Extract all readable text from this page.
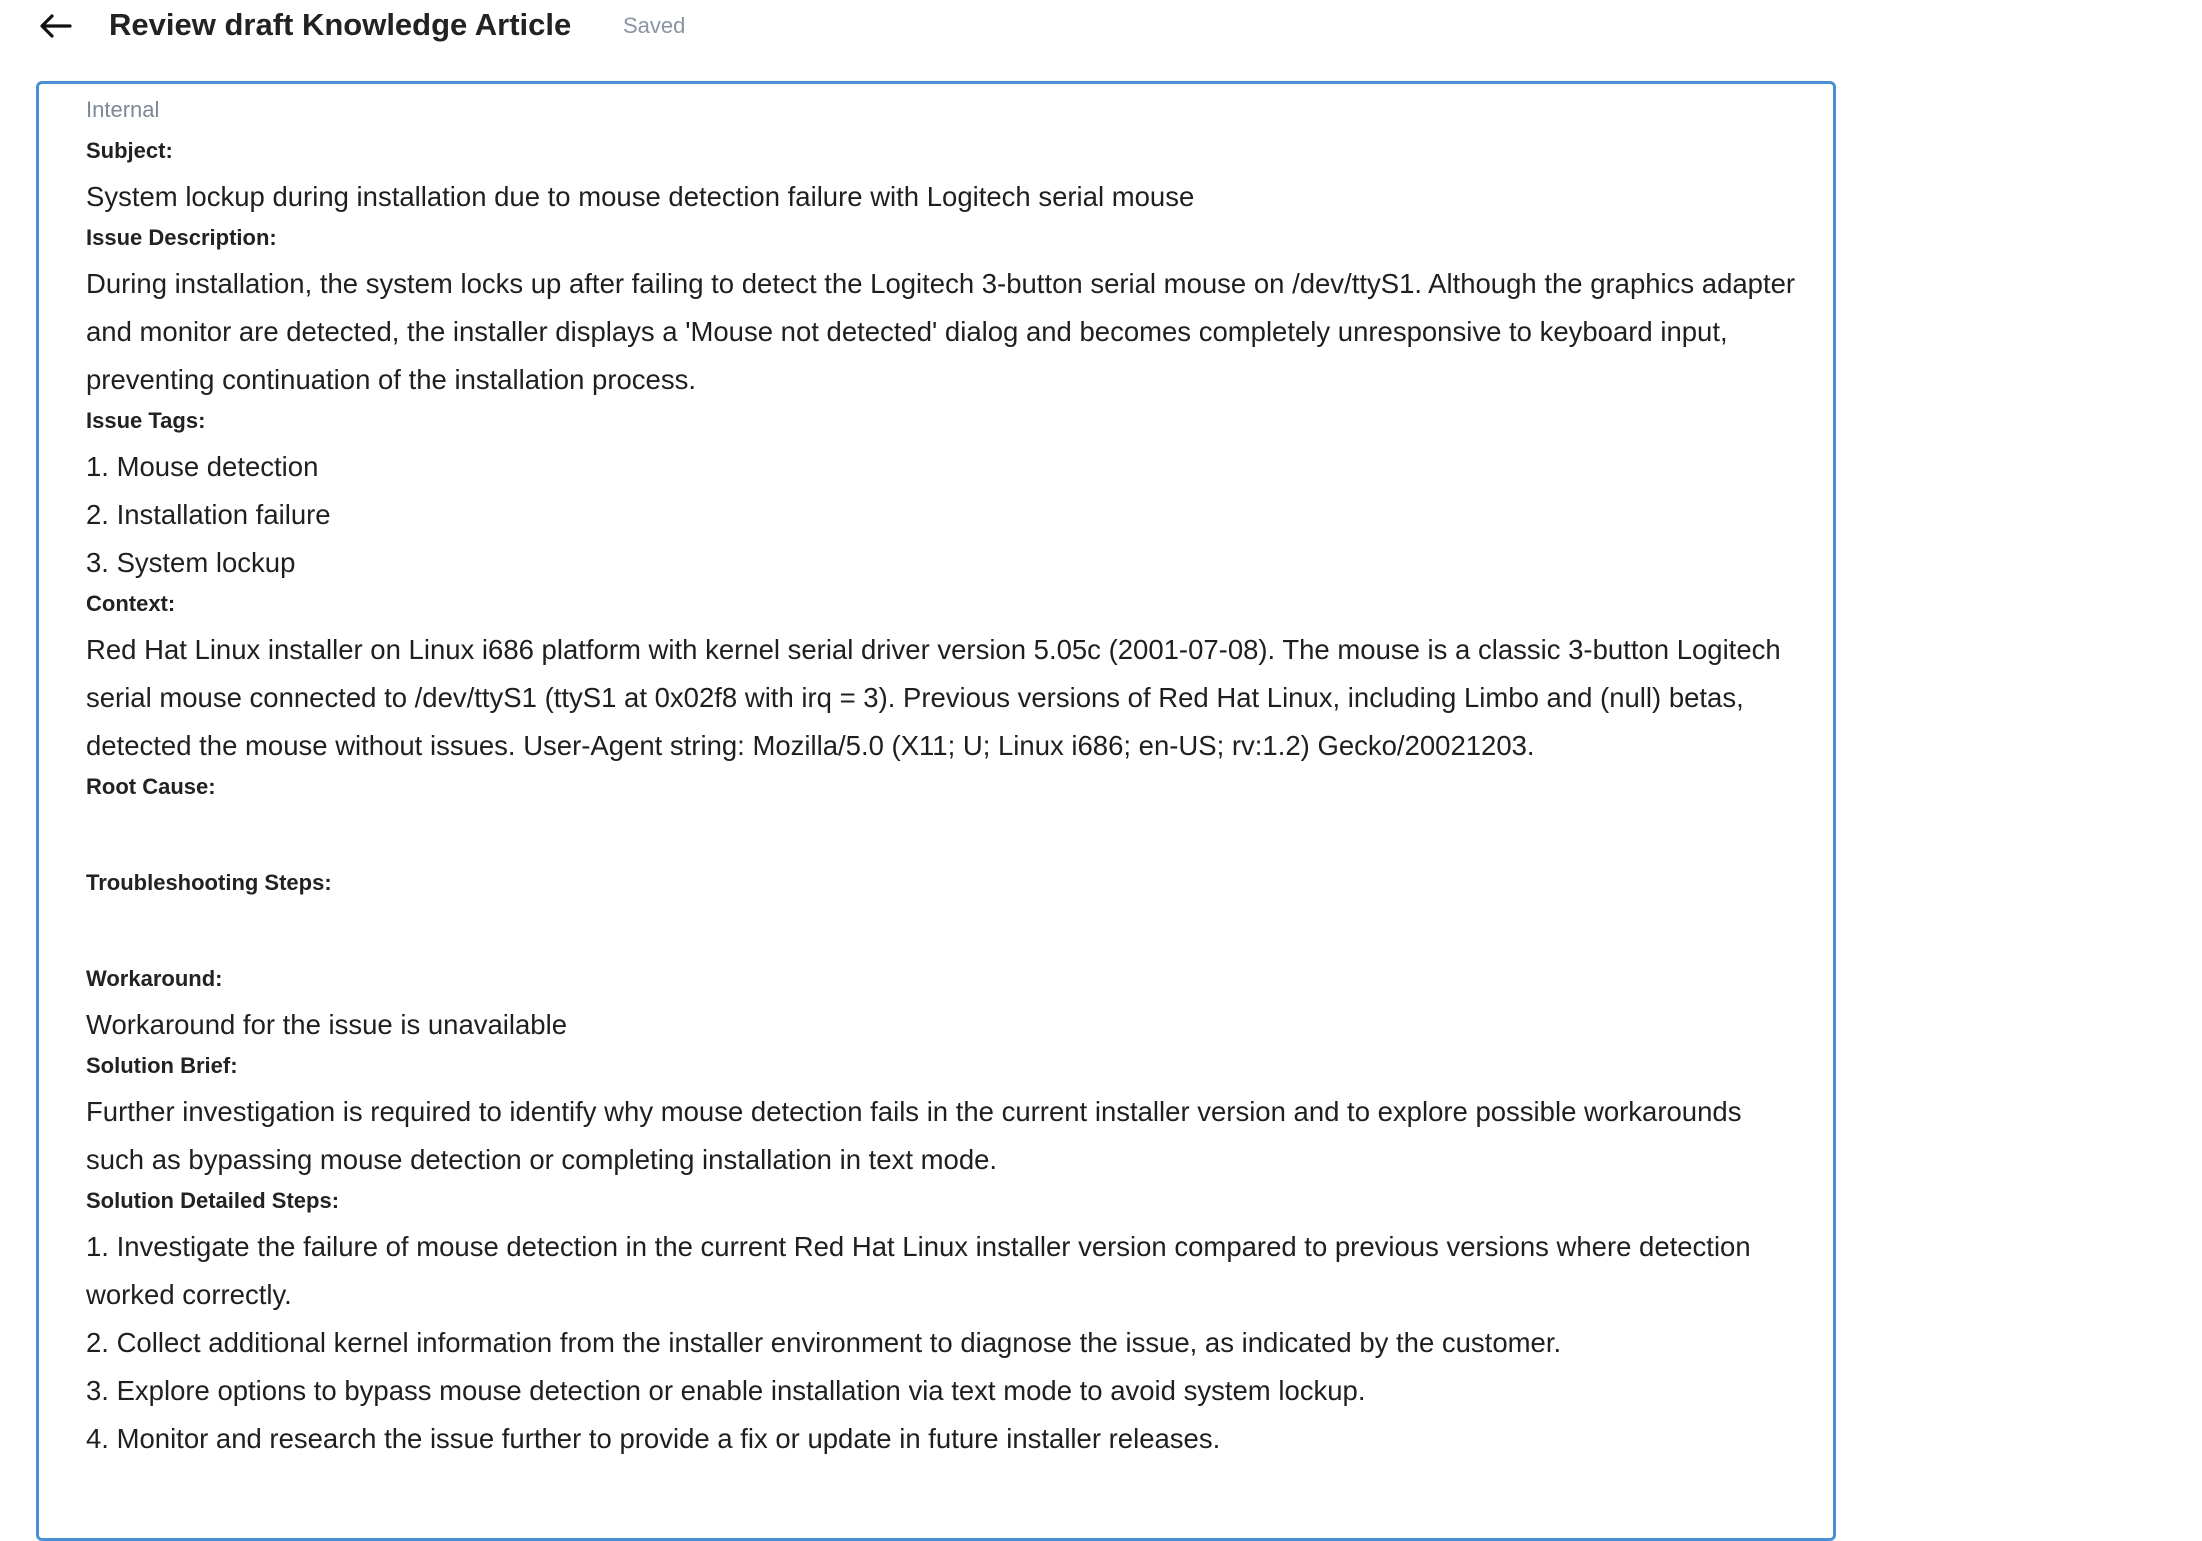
Review draft Knowledge Article Saved
Internal
Subject:

System lockup during installation due to mouse detection failure with Logitech serial mouse

Issue Description:

During installation, the system locks up after failing to detect the Logitech 3-button serial mouse on /dev/ttyS1. Although the graphics adapter and monitor are detected, the installer displays a 'Mouse not detected' dialog and becomes completely unresponsive to keyboard input, preventing continuation of the installation process.

Issue Tags:
1. Mouse detection
2. Installation failure
3. System lockup
Context:

Red Hat Linux installer on Linux i686 platform with kernel serial driver version 5.05c (2001-07-08). The mouse is a classic 3-button Logitech serial mouse connected to /dev/ttyS1 (ttyS1 at 0x02f8 with irq = 3). Previous versions of Red Hat Linux, including Limbo and (null) betas, detected the mouse without issues. User-Agent string: Mozilla/5.0 (X11; U; Linux i686; en-US; rv:1.2) Gecko/20021203.

Root Cause:
Troubleshooting Steps:
Workaround:

Workaround for the issue is unavailable

Solution Brief:

Further investigation is required to identify why mouse detection fails in the current installer version and to explore possible workarounds such as bypassing mouse detection or completing installation in text mode.

Solution Detailed Steps:
1. Investigate the failure of mouse detection in the current Red Hat Linux installer version compared to previous versions where detection worked correctly.
2. Collect additional kernel information from the installer environment to diagnose the issue, as indicated by the customer.
3. Explore options to bypass mouse detection or enable installation via text mode to avoid system lockup.
4. Monitor and research the issue further to provide a fix or update in future installer releases.
